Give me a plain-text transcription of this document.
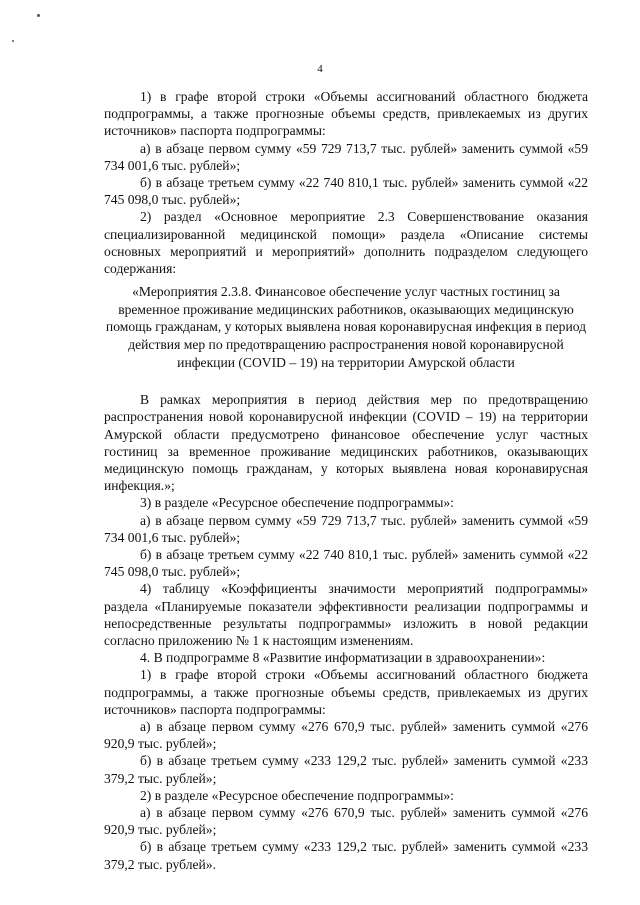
4

1) в графе второй строки «Объемы ассигнований областного бюджета подпрограммы, а также прогнозные объемы средств, привлекаемых из других источников» паспорта подпрограммы:

а) в абзаце первом сумму «59 729 713,7 тыс. рублей» заменить суммой «59 734 001,6 тыс. рублей»;

б) в абзаце третьем сумму «22 740 810,1 тыс. рублей» заменить суммой «22 745 098,0 тыс. рублей»;

2) раздел «Основное мероприятие 2.3 Совершенствование оказания специализированной медицинской помощи» раздела «Описание системы основных мероприятий и мероприятий» дополнить подразделом следующего содержания:

«Мероприятия 2.3.8. Финансовое обеспечение услуг частных гостиниц за временное проживание медицинских работников, оказывающих медицинскую помощь гражданам, у которых выявлена новая коронавирусная инфекция в период действия мер по предотвращению распространения новой коронавирусной инфекции (COVID – 19) на территории Амурской области

В рамках мероприятия в период действия мер по предотвращению распространения новой коронавирусной инфекции (COVID – 19) на территории Амурской области предусмотрено финансовое обеспечение услуг частных гостиниц за временное проживание медицинских работников, оказывающих медицинскую помощь гражданам, у которых выявлена новая коронавирусная инфекция.»;

3) в разделе «Ресурсное обеспечение подпрограммы»:

а) в абзаце первом сумму «59 729 713,7 тыс. рублей» заменить суммой «59 734 001,6 тыс. рублей»;

б) в абзаце третьем сумму «22 740 810,1 тыс. рублей» заменить суммой «22 745 098,0 тыс. рублей»;

4) таблицу «Коэффициенты значимости мероприятий подпрограммы» раздела «Планируемые показатели эффективности реализации подпрограммы и непосредственные результаты подпрограммы» изложить в новой редакции согласно приложению № 1 к настоящим изменениям.

4. В подпрограмме 8 «Развитие информатизации в здравоохранении»:

1) в графе второй строки «Объемы ассигнований областного бюджета подпрограммы, а также прогнозные объемы средств, привлекаемых из других источников» паспорта подпрограммы:

а) в абзаце первом сумму «276 670,9 тыс. рублей» заменить суммой «276 920,9 тыс. рублей»;

б) в абзаце третьем сумму «233 129,2 тыс. рублей» заменить суммой «233 379,2 тыс. рублей»;

2) в разделе «Ресурсное обеспечение подпрограммы»:

а) в абзаце первом сумму «276 670,9 тыс. рублей» заменить суммой «276 920,9 тыс. рублей»;

б) в абзаце третьем сумму «233 129,2 тыс. рублей» заменить суммой «233 379,2 тыс. рублей».
